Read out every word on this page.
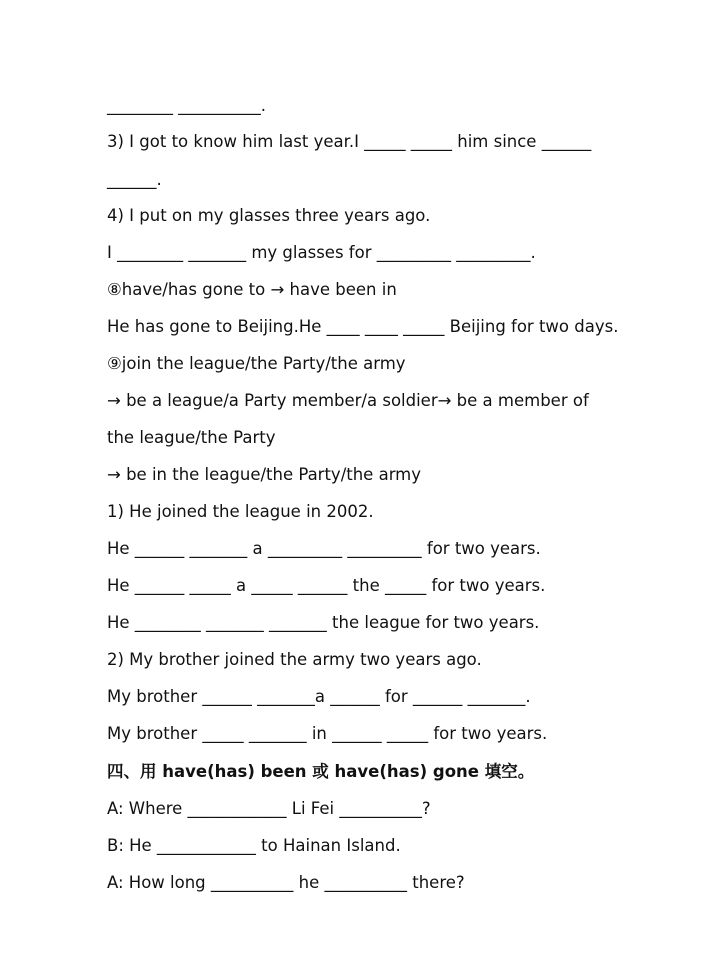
________ __________.
3) I got to know him last year.I _____ _____ him since ______
______.
4) I put on my glasses three years ago.
I ________ _______ my glasses for _________ _________.
⑧have/has gone to → have been in
He has gone to Beijing.He ____ ____ _____ Beijing for two days.
⑨join the league/the Party/the army
→ be a league/a Party member/a soldier→ be a member of
the league/the Party
→ be in the league/the Party/the army
1) He joined the league in 2002.
He ______ _______ a _________ _________ for two years.
He ______ _____ a _____ ______ the _____ for two years.
He ________ _______ _______ the league for two years.
2) My brother joined the army two years ago.
My brother ______ _______a ______ for ______ _______.
My brother _____ _______ in ______ _____ for two years.
四、用 have(has) been 或 have(has) gone 填空。
A: Where ____________ Li Fei __________?
B: He ____________ to Hainan Island.
A: How long __________ he __________ there?
